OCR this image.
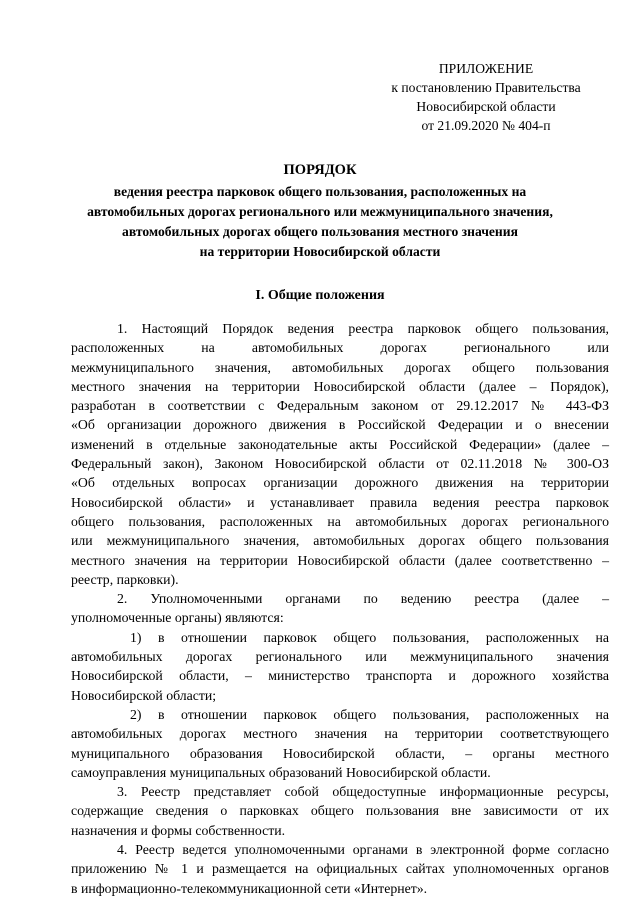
ПРИЛОЖЕНИЕ
к постановлению Правительства
Новосибирской области
от 21.09.2020 № 404-п
ПОРЯДОК
ведения реестра парковок общего пользования, расположенных на
автомобильных дорогах регионального или межмуниципального значения,
автомобильных дорогах общего пользования местного значения
на территории Новосибирской области
I. Общие положения

1. Настоящий Порядок ведения реестра парковок общего пользования,

расположенных на автомобильных дорогах регионального или

межмуниципального значения, автомобильных дорогах общего пользования

местного значения на территории Новосибирской области (далее – Порядок),

разработан в соответствии с Федеральным законом от 29.12.2017 № 443-ФЗ

«Об организации дорожного движения в Российской Федерации и о внесении

изменений в отдельные законодательные акты Российской Федерации» (далее –

Федеральный закон), Законом Новосибирской области от 02.11.2018 № 300-ОЗ

«Об отдельных вопросах организации дорожного движения на территории

Новосибирской области» и устанавливает правила ведения реестра парковок

общего пользования, расположенных на автомобильных дорогах регионального

или межмуниципального значения, автомобильных дорогах общего пользования

местного значения на территории Новосибирской области (далее соответственно –

реестр, парковки).

2. Уполномоченными органами по ведению реестра (далее –

уполномоченные органы) являются:

1) в отношении парковок общего пользования, расположенных на

автомобильных дорогах регионального или межмуниципального значения

Новосибирской области, – министерство транспорта и дорожного хозяйства

Новосибирской области;

2) в отношении парковок общего пользования, расположенных на

автомобильных дорогах местного значения на территории соответствующего

муниципального образования Новосибирской области, – органы местного

самоуправления муниципальных образований Новосибирской области.

3. Реестр представляет собой общедоступные информационные ресурсы,

содержащие сведения о парковках общего пользования вне зависимости от их

назначения и формы собственности.

4. Реестр ведется уполномоченными органами в электронной форме согласно

приложению № 1 и размещается на официальных сайтах уполномоченных органов

в информационно-телекоммуникационной сети «Интернет».
